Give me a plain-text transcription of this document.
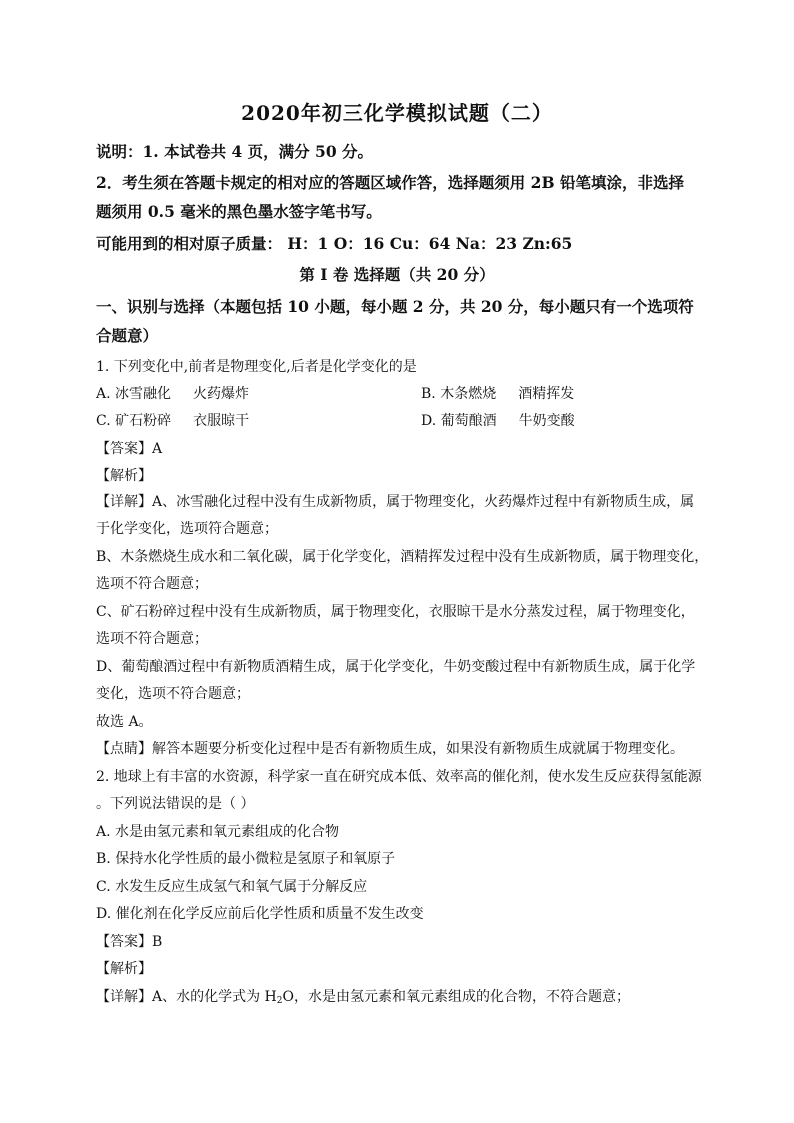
2020年初三化学模拟试题（二）
说明：1. 本试卷共 4 页，满分 50 分。
2．考生须在答题卡规定的相对应的答题区域作答，选择题须用 2B 铅笔填涂，非选择
题须用 0.5 毫米的黑色墨水签字笔书写。
可能用到的相对原子质量： H：1 O：16 Cu：64 Na：23 Zn:65
第 I 卷 选择题（共 20 分）
一、识别与选择（本题包括 10 小题，每小题 2 分，共 20 分，每小题只有一个选项符
合题意）
1. 下列变化中,前者是物理变化,后者是化学变化的是
A. 冰雪融化 火药爆炸	B. 木条燃烧 酒精挥发
C. 矿石粉碎 衣服晾干	D. 葡萄酿酒 牛奶变酸
【答案】A
【解析】
【详解】A、冰雪融化过程中没有生成新物质，属于物理变化，火药爆炸过程中有新物质生成，属
于化学变化，选项符合题意；
B、木条燃烧生成水和二氧化碳，属于化学变化，酒精挥发过程中没有生成新物质，属于物理变化，
选项不符合题意；
C、矿石粉碎过程中没有生成新物质，属于物理变化，衣服晾干是水分蒸发过程，属于物理变化，
选项不符合题意；
D、葡萄酿酒过程中有新物质酒精生成，属于化学变化，牛奶变酸过程中有新物质生成，属于化学
变化，选项不符合题意；
故选 A。
【点睛】解答本题要分析变化过程中是否有新物质生成，如果没有新物质生成就属于物理变化。
2. 地球上有丰富的水资源，科学家一直在研究成本低、效率高的催化剂，使水发生反应获得氢能源
。下列说法错误的是（ ）
A. 水是由氢元素和氧元素组成的化合物
B. 保持水化学性质的最小微粒是氢原子和氧原子
C. 水发生反应生成氢气和氧气属于分解反应
D. 催化剂在化学反应前后化学性质和质量不发生改变
【答案】B
【解析】
【详解】A、水的化学式为 $H_2O$，水是由氢元素和氧元素组成的化合物，不符合题意；
